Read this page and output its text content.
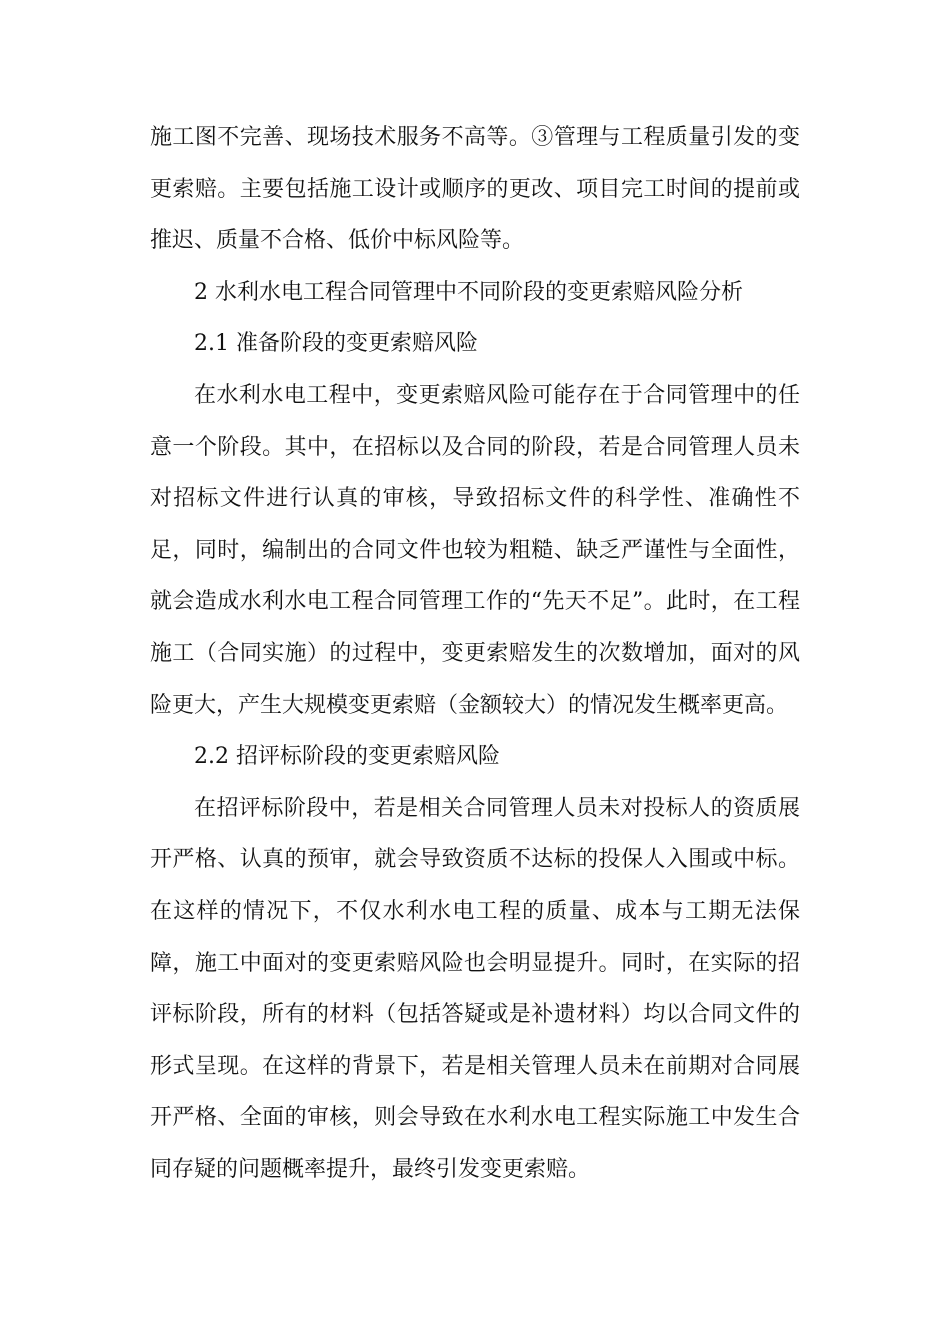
施工图不完善、现场技术服务不高等。③管理与工程质量引发的变更索赔。主要包括施工设计或顺序的更改、项目完工时间的提前或推迟、质量不合格、低价中标风险等。

2 水利水电工程合同管理中不同阶段的变更索赔风险分析

2.1 准备阶段的变更索赔风险

在水利水电工程中，变更索赔风险可能存在于合同管理中的任意一个阶段。其中，在招标以及合同的阶段，若是合同管理人员未对招标文件进行认真的审核，导致招标文件的科学性、准确性不足，同时，编制出的合同文件也较为粗糙、缺乏严谨性与全面性，就会造成水利水电工程合同管理工作的“先天不足”。此时，在工程施工（合同实施）的过程中，变更索赔发生的次数增加，面对的风险更大，产生大规模变更索赔（金额较大）的情况发生概率更高。

2.2 招评标阶段的变更索赔风险

在招评标阶段中，若是相关合同管理人员未对投标人的资质展开严格、认真的预审，就会导致资质不达标的投保人入围或中标。在这样的情况下，不仅水利水电工程的质量、成本与工期无法保障，施工中面对的变更索赔风险也会明显提升。同时，在实际的招评标阶段，所有的材料（包括答疑或是补遗材料）均以合同文件的形式呈现。在这样的背景下，若是相关管理人员未在前期对合同展开严格、全面的审核，则会导致在水利水电工程实际施工中发生合同存疑的问题概率提升，最终引发变更索赔。
